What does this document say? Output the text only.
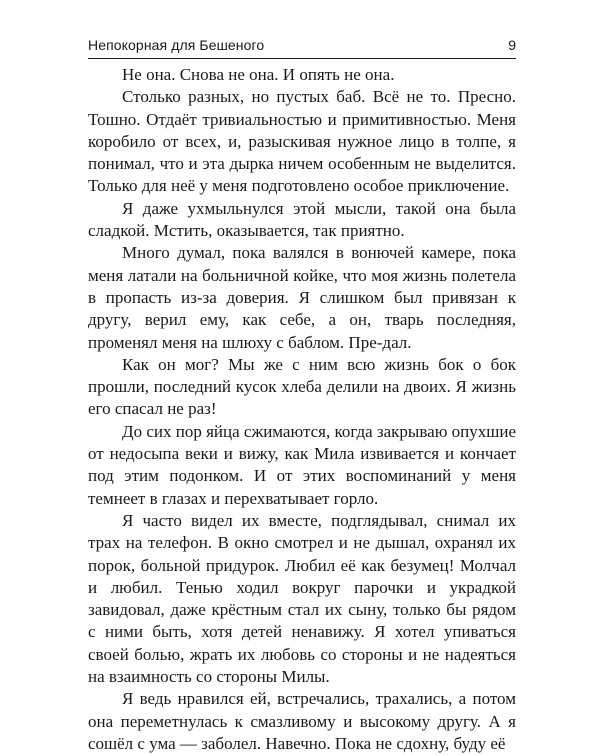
Непокорная для Бешеного	9

Не она. Снова не она. И опять не она.

Столько разных, но пустых баб. Всё не то. Пресно. Тошно. Отдаёт тривиальностью и примитивностью. Меня коробило от всех, и, разыскивая нужное лицо в толпе, я понимал, что и эта дырка ничем особенным не выделится. Только для неё у меня подготовлено особое приключение.

Я даже ухмыльнулся этой мысли, такой она была сладкой. Мстить, оказывается, так приятно.

Много думал, пока валялся в вонючей камере, пока меня латали на больничной койке, что моя жизнь полетела в пропасть из-за доверия. Я слишком был привязан к другу, верил ему, как себе, а он, тварь последняя, променял меня на шлюху с баблом. Пре-дал.

Как он мог? Мы же с ним всю жизнь бок о бок прошли, последний кусок хлеба делили на двоих. Я жизнь его спасал не раз!

До сих пор яйца сжимаются, когда закрываю опухшие от недосыпа веки и вижу, как Мила извивается и кончает под этим подонком. И от этих воспоминаний у меня темнеет в глазах и перехватывает горло.

Я часто видел их вместе, подглядывал, снимал их трах на телефон. В окно смотрел и не дышал, охранял их порок, больной придурок. Любил её как безумец! Молчал и любил. Тенью ходил вокруг парочки и украдкой завидовал, даже крёстным стал их сыну, только бы рядом с ними быть, хотя детей ненавижу. Я хотел упиваться своей болью, жрать их любовь со стороны и не надеяться на взаимность со стороны Милы.

Я ведь нравился ей, встречались, трахались, а потом она переметнулась к смазливому и высокому другу. А я сошёл с ума — заболел. Навечно. Пока не сдохну, буду её
